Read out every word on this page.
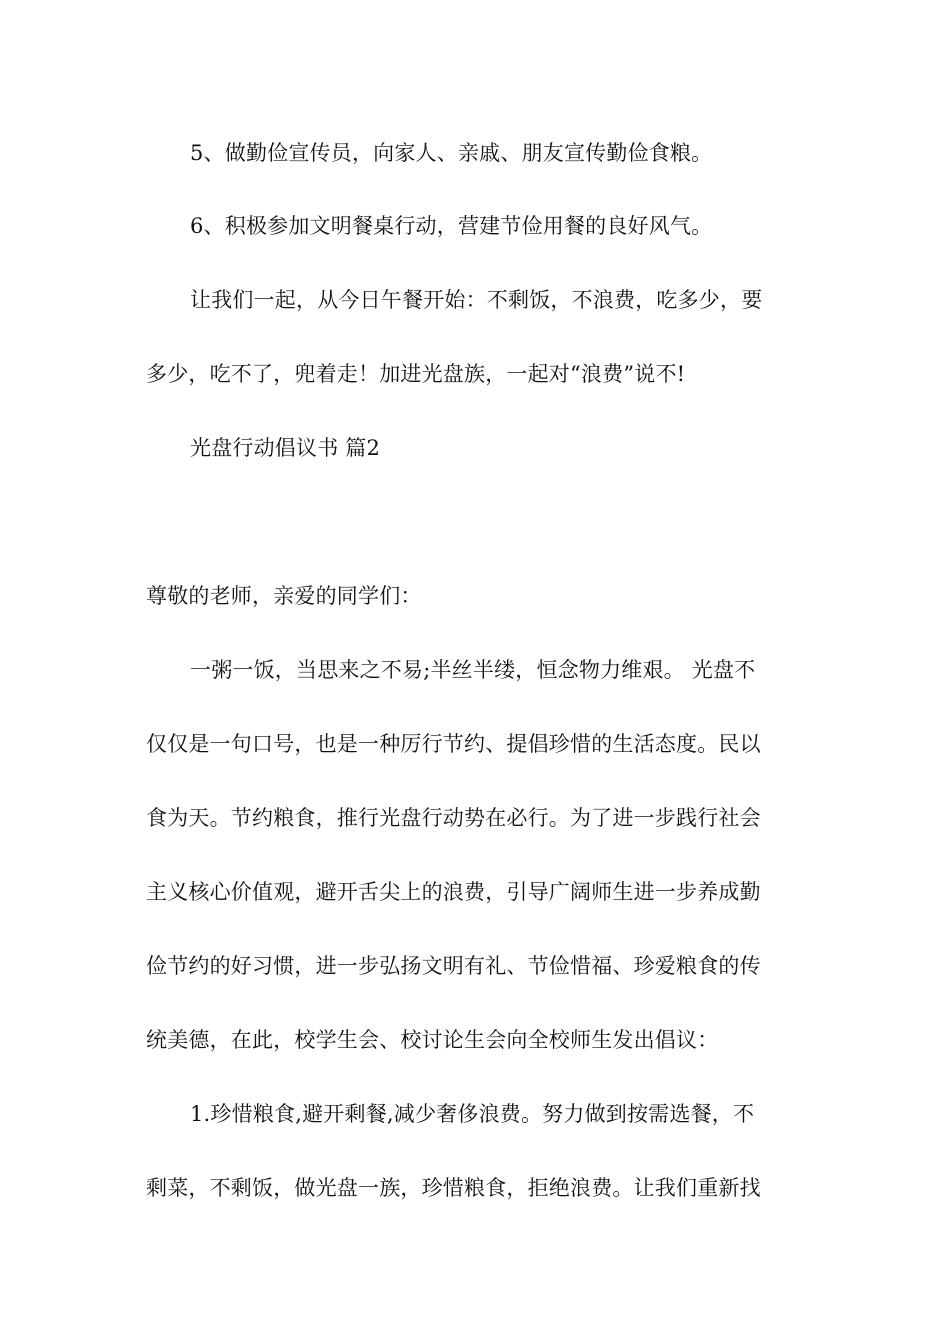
5、做勤俭宣传员，向家人、亲戚、朋友宣传勤俭食粮。
6、积极参加文明餐桌行动，营建节俭用餐的良好风气。
让我们一起，从今日午餐开始：不剩饭，不浪费，吃多少，要
多少，吃不了，兜着走！加进光盘族，一起对“浪费”说不!
光盘行动倡议书 篇2
尊敬的老师，亲爱的同学们：
一粥一饭，当思来之不易;半丝半缕，恒念物力维艰。 光盘不
仅仅是一句口号，也是一种厉行节约、提倡珍惜的生活态度。民以
食为天。节约粮食，推行光盘行动势在必行。为了进一步践行社会
主义核心价值观，避开舌尖上的浪费，引导广阔师生进一步养成勤
俭节约的好习惯，进一步弘扬文明有礼、节俭惜福、珍爱粮食的传
统美德，在此，校学生会、校讨论生会向全校师生发出倡议：
1.珍惜粮食,避开剩餐,减少奢侈浪费。努力做到按需选餐，不
剩菜，不剩饭，做光盘一族，珍惜粮食，拒绝浪费。让我们重新找
